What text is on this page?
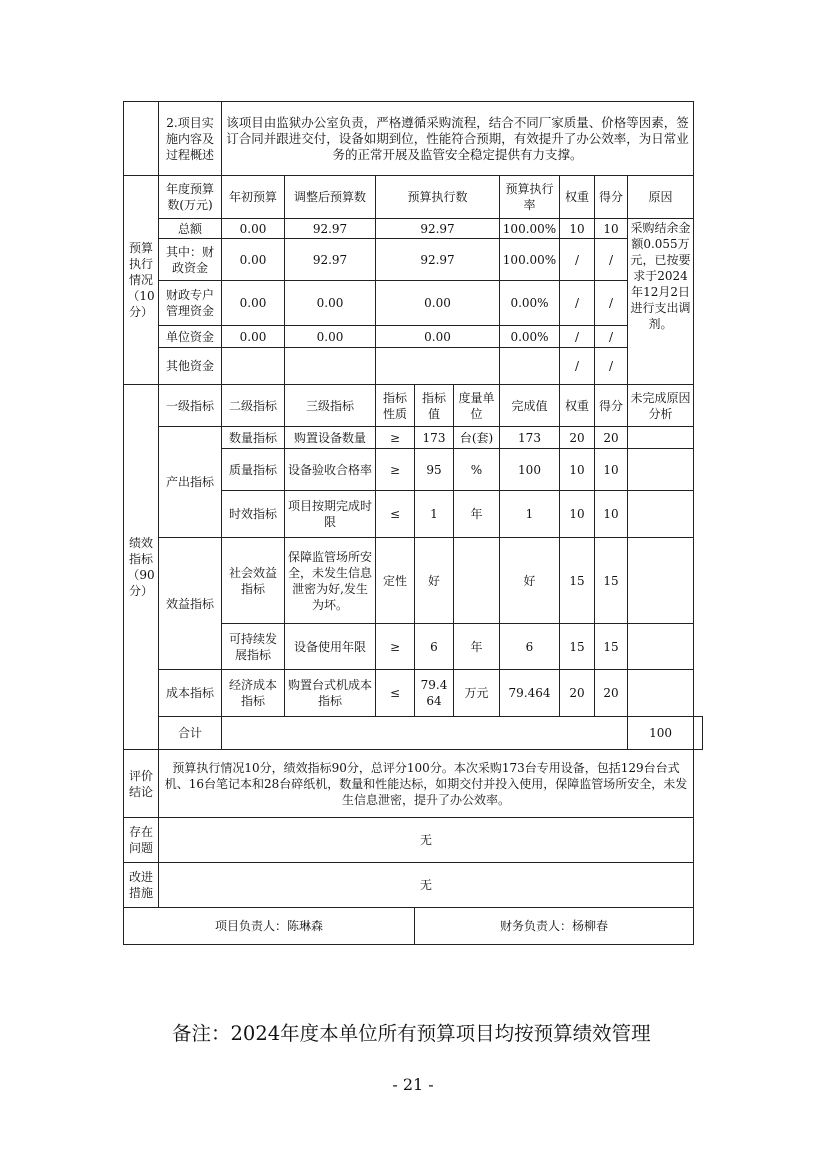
	2.项目实施内容及过程概述	该项目由监狱办公室负责，严格遵循采购流程，结合不同厂家质量、价格等因素，签订合同并跟进交付，设备如期到位，性能符合预期，有效提升了办公效率，为日常业务的正常开展及监管安全稳定提供有力支撑。									
预算执行情况（10分）	年度预算数(万元)	年初预算	调整后预算数	预算执行数			预算执行率	权重	得分	原因	
	总额	0.00	92.97	92.97			100.00%	10	10	采购结余金额0.055万元，已按要求于2024年12月2日进行支出调剂。	
	其中：财政资金	0.00	92.97	92.97			100.00%	/	/		
	财政专户管理资金	0.00	0.00	0.00			0.00%	/	/		
	单位资金	0.00	0.00	0.00			0.00%	/	/		
	其他资金							/	/		
绩效指标（90分）	一级指标	二级指标	三级指标	指标性质	指标值	度量单位	完成值	权重	得分	未完成原因分析	
	产出指标	数量指标	购置设备数量	≥	173	台(套)	173	20	20		
		质量指标	设备验收合格率	≥	95	%	100	10	10		
		时效指标	项目按期完成时限	≤	1	年	1	10	10		
	效益指标	社会效益指标	保障监管场所安全，未发生信息泄密为好,发生为坏。	定性	好		好	15	15		
		可持续发展指标	设备使用年限	≥	6	年	6	15	15		
	成本指标	经济成本指标	购置台式机成本指标	≤	79.464	万元	79.464	20	20		
	合计									100	
评价结论	预算执行情况10分，绩效指标90分，总评分100分。本次采购173台专用设备，包括129台台式机、16台笔记本和28台碎纸机，数量和性能达标，如期交付并投入使用，保障监管场所安全，未发生信息泄密，提升了办公效率。										
存在问题	无										
改进措施	无										
项目负责人：陈琳森					财务负责人：杨柳春						
备注：2024年度本单位所有预算项目均按预算绩效管理
- 21 -
